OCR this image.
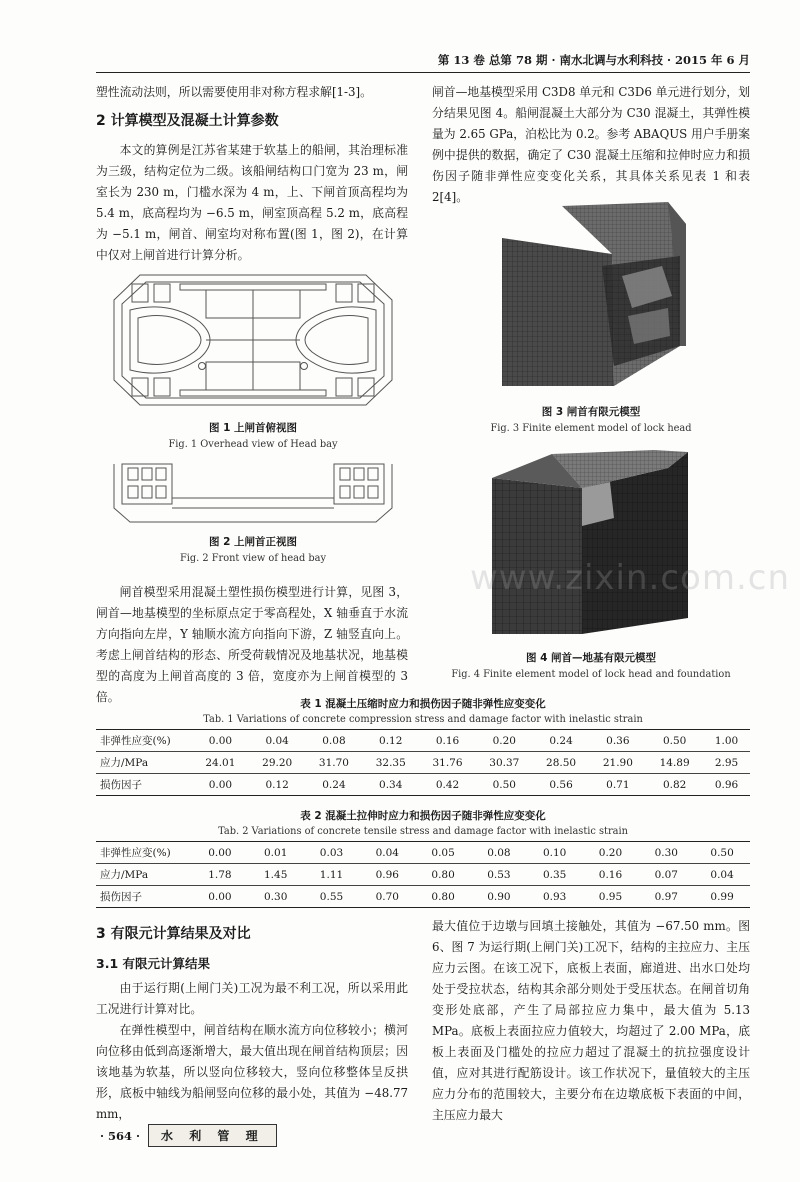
第 13 卷 总第 78 期 · 南水北调与水利科技 · 2015 年 6 月
塑性流动法则，所以需要使用非对称方程求解[1-3]。
2 计算模型及混凝土计算参数
本文的算例是江苏省某建于软基上的船闸，其治理标准为三级，结构定位为二级。该船闸结构口门宽为 23 m，闸室长为 230 m，门槛水深为 4 m，上、下闸首顶高程均为 5.4 m，底高程均为 −6.5 m，闸室顶高程 5.2 m，底高程为 −5.1 m，闸首、闸室均对称布置(图 1，图 2)，在计算中仅对上闸首进行计算分析。
图 1 上闸首俯视图
Fig. 1 Overhead view of Head bay
图 2 上闸首正视图
Fig. 2 Front view of head bay
闸首模型采用混凝土塑性损伤模型进行计算，见图 3，闸首—地基模型的坐标原点定于零高程处，X 轴垂直于水流方向指向左岸，Y 轴顺水流方向指向下游，Z 轴竖直向上。考虑上闸首结构的形态、所受荷载情况及地基状况，地基模型的高度为上闸首高度的 3 倍，宽度亦为上闸首模型的 3 倍。
闸首—地基模型采用 C3D8 单元和 C3D6 单元进行划分，划分结果见图 4。船闸混凝土大部分为 C30 混凝土，其弹性模量为 2.65 GPa，泊松比为 0.2。参考 ABAQUS 用户手册案例中提供的数据，确定了 C30 混凝土压缩和拉伸时应力和损伤因子随非弹性应变变化关系，其具体关系见表 1 和表 2[4]。
图 3 闸首有限元模型
Fig. 3 Finite element model of lock head
图 4 闸首—地基有限元模型
Fig. 4 Finite element model of lock head and foundation
表 1 混凝土压缩时应力和损伤因子随非弹性应变变化
Tab. 1 Variations of concrete compression stress and damage factor with inelastic strain
非弹性应变(%)	0.00	0.04	0.08	0.12	0.16	0.20	0.24	0.36	0.50	1.00
应力/MPa	24.01	29.20	31.70	32.35	31.76	30.37	28.50	21.90	14.89	2.95
损伤因子	0.00	0.12	0.24	0.34	0.42	0.50	0.56	0.71	0.82	0.96
表 2 混凝土拉伸时应力和损伤因子随非弹性应变变化
Tab. 2 Variations of concrete tensile stress and damage factor with inelastic strain
非弹性应变(%)	0.00	0.01	0.03	0.04	0.05	0.08	0.10	0.20	0.30	0.50
应力/MPa	1.78	1.45	1.11	0.96	0.80	0.53	0.35	0.16	0.07	0.04
损伤因子	0.00	0.30	0.55	0.70	0.80	0.90	0.93	0.95	0.97	0.99
3 有限元计算结果及对比
3.1 有限元计算结果
由于运行期(上闸门关)工况为最不利工况，所以采用此工况进行计算对比。
在弹性模型中，闸首结构在顺水流方向位移较小；横河向位移由低到高逐渐增大，最大值出现在闸首结构顶层；因该地基为软基，所以竖向位移较大，竖向位移整体呈反拱形，底板中轴线为船闸竖向位移的最小处，其值为 −48.77 mm，
最大值位于边墩与回填土接触处，其值为 −67.50 mm。图 6、图 7 为运行期(上闸门关)工况下，结构的主拉应力、主压应力云图。在该工况下，底板上表面，廊道进、出水口处均处于受拉状态，结构其余部分则处于受压状态。在闸首切角变形处底部，产生了局部拉应力集中，最大值为 5.13 MPa。底板上表面拉应力值较大，均超过了 2.00 MPa，底板上表面及门槛处的拉应力超过了混凝土的抗拉强度设计值，应对其进行配筋设计。该工作状况下，量值较大的主压应力分布的范围较大，主要分布在边墩底板下表面的中间，主压应力最大
· 564 ·	水 利 管 理
www.zixin.com.cn
